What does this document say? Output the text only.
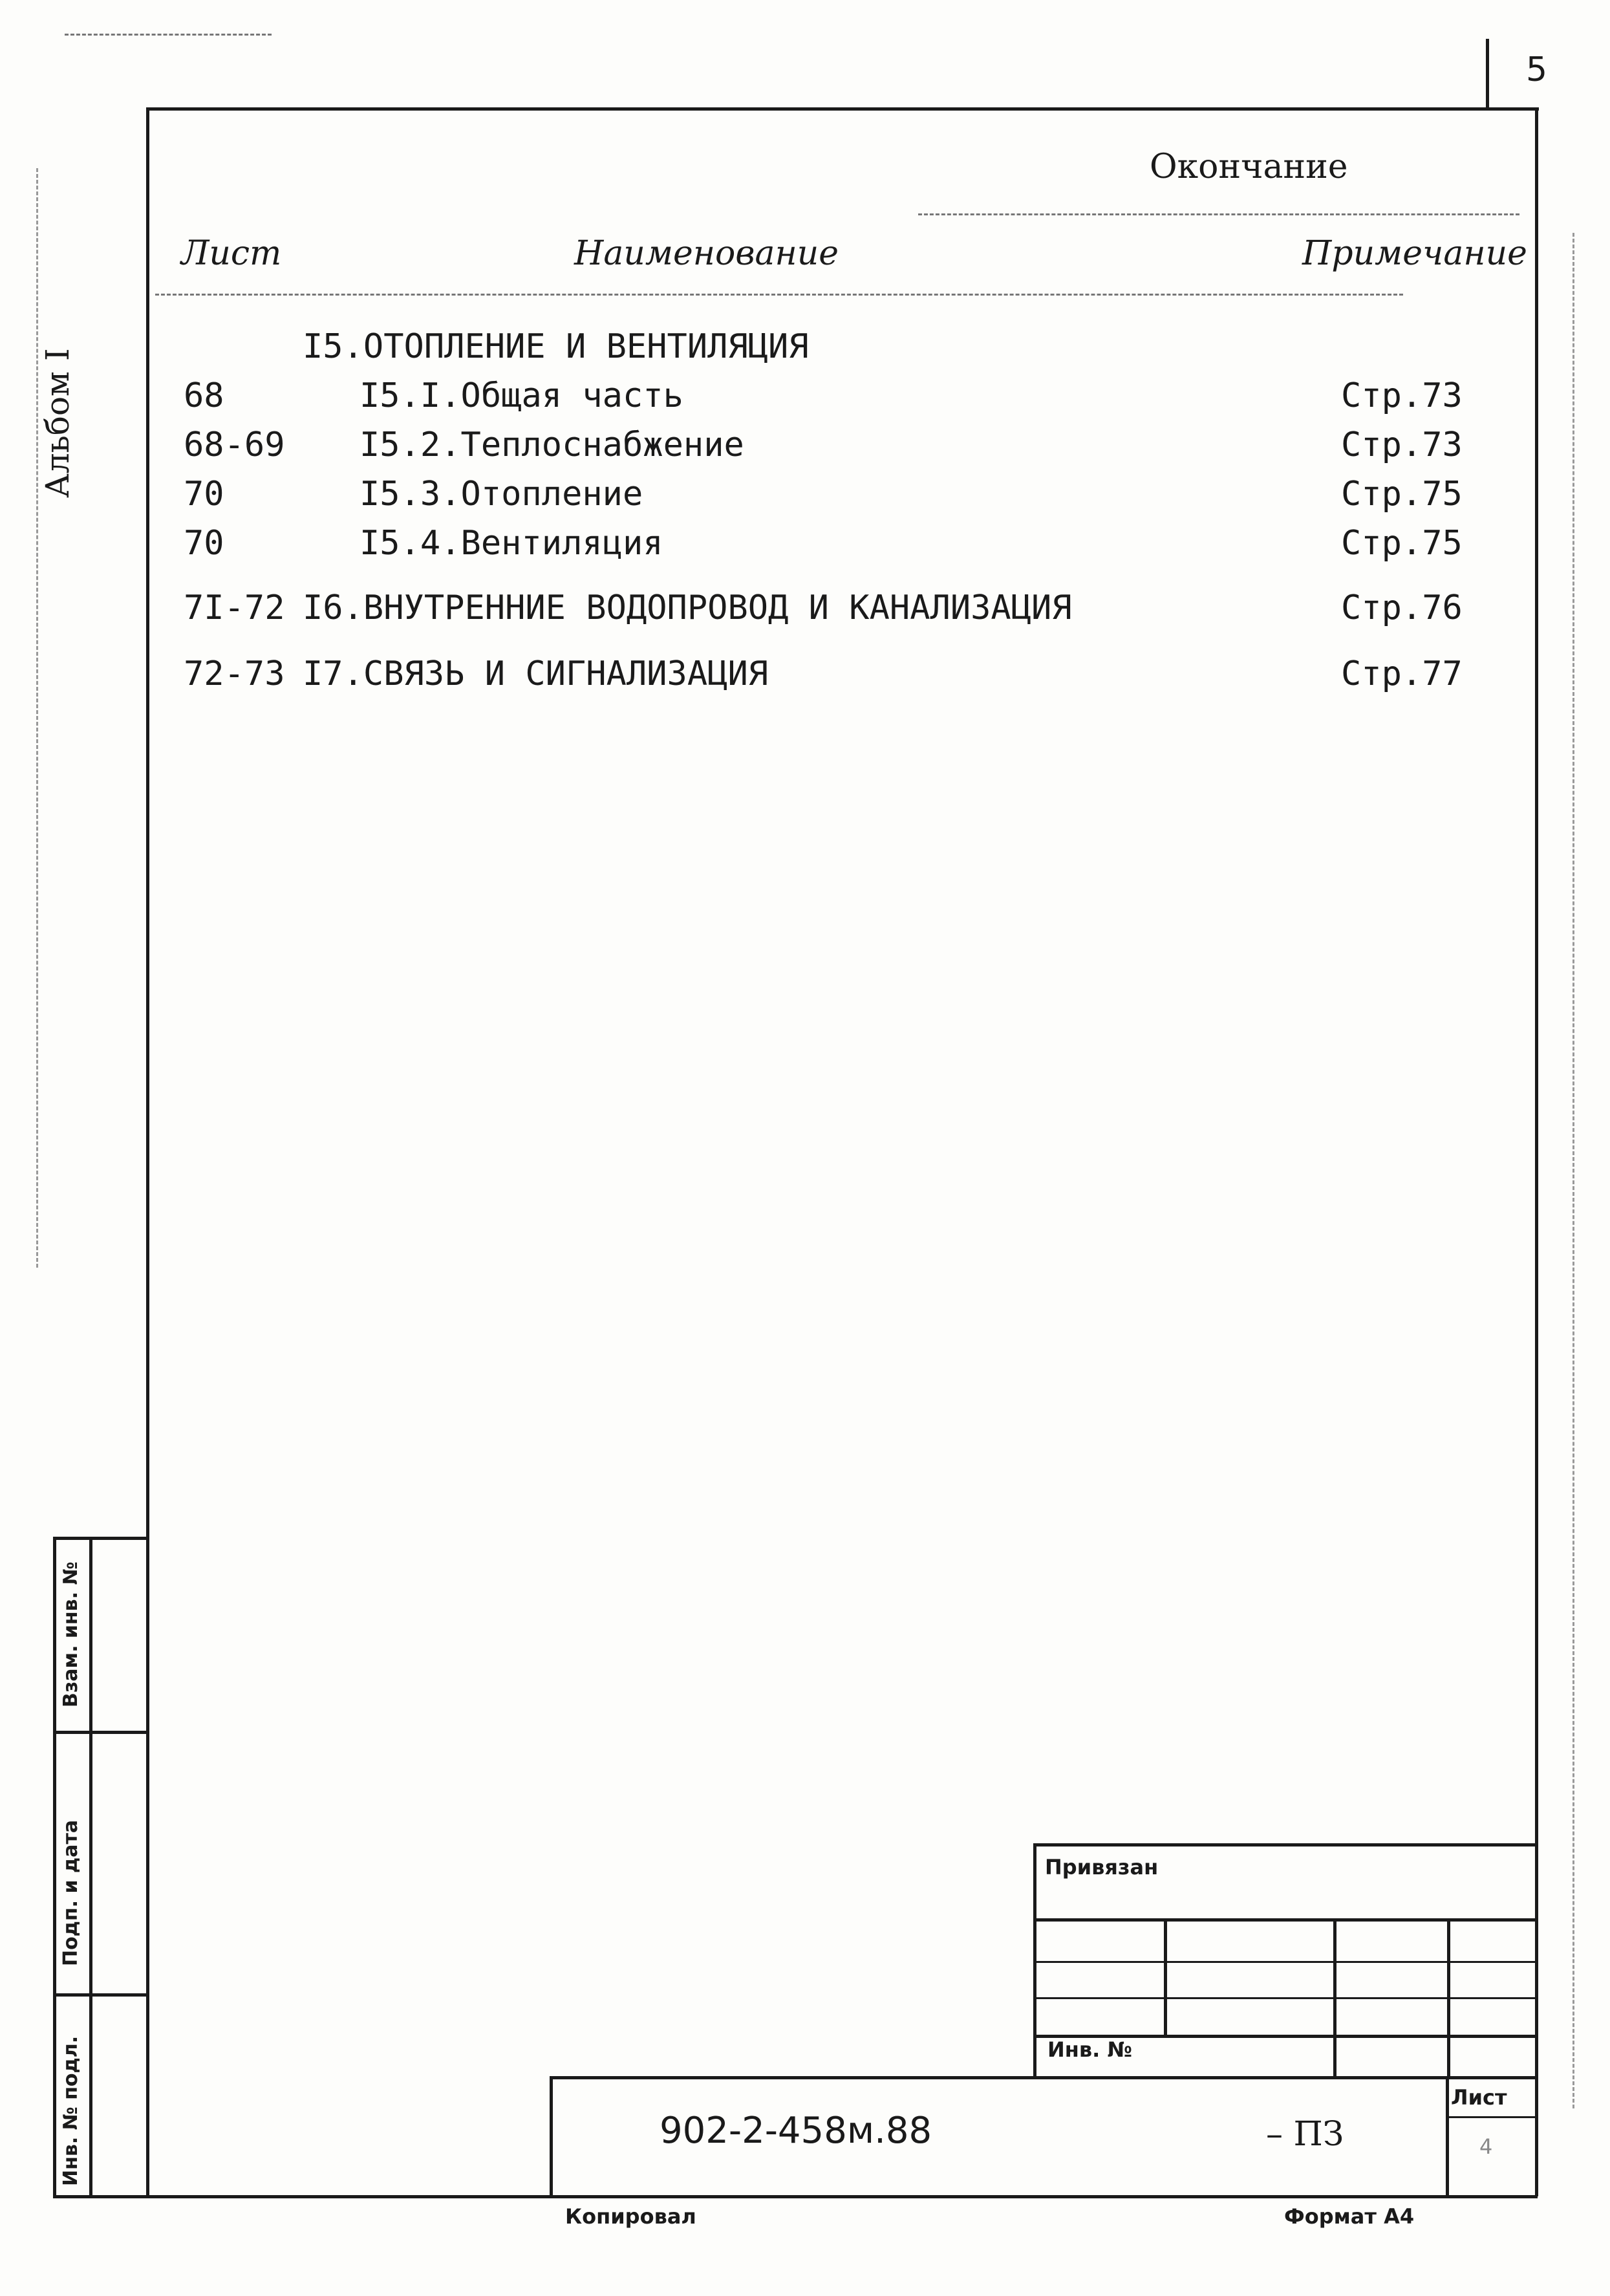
5
Окончание
Лист	Наименование	Примечание
I5.ОТОПЛЕНИЕ И ВЕНТИЛЯЦИЯ
68	I5.I.Общая часть	Стр.73
68-69 I5.2.Теплоснабжение	Стр.73
70	I5.3.Отопление	Стр.75
70	I5.4.Вентиляция	Стр.75
7I-72 I6.ВНУТРЕННИЕ ВОДОПРОВОД И КАНАЛИЗАЦИЯ	Стр.76
72-73 I7.СВЯЗЬ И СИГНАЛИЗАЦИЯ	Стр.77
Альбом I
Взам. инв. №
Подп. и дата
Инв. № подл.
Привязан
Инв. №
902-2-458м.88	– ПЗ
Лист
4
Копировал	Формат А4
